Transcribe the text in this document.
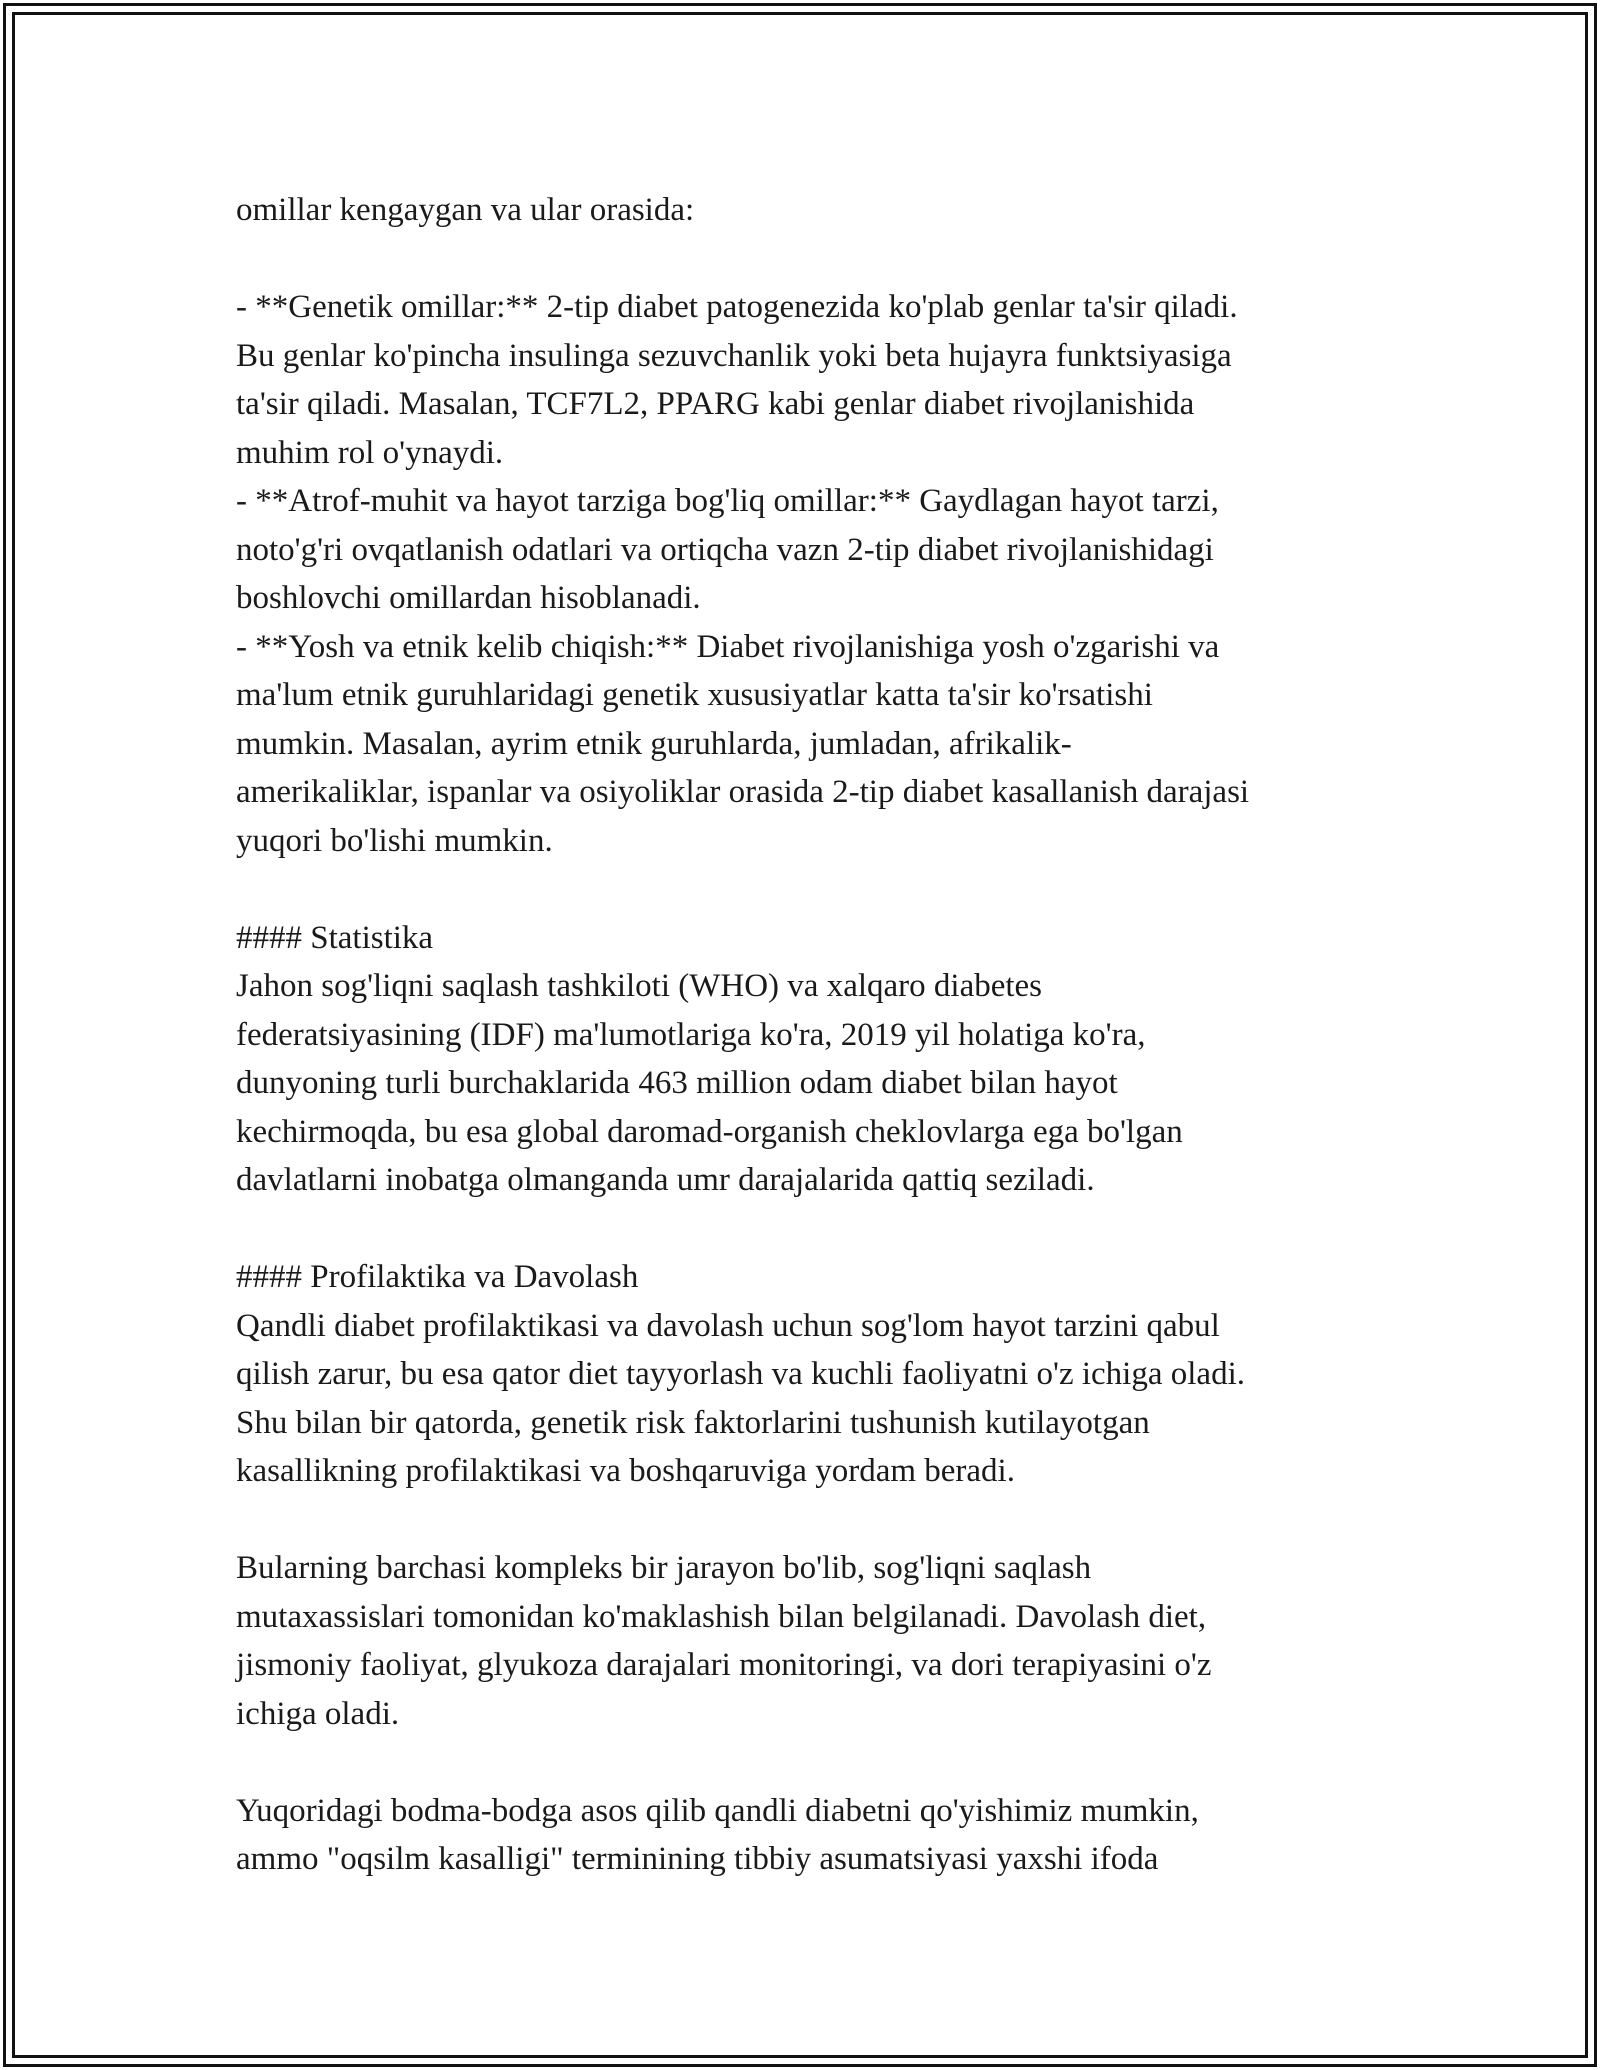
omillar kengaygan va ular orasida:
- **Genetik omillar:** 2-tip diabet patogenezida ko'plab genlar ta'sir qiladi.
Bu genlar ko'pincha insulinga sezuvchanlik yoki beta hujayra funktsiyasiga
ta'sir qiladi. Masalan, TCF7L2, PPARG kabi genlar diabet rivojlanishida
muhim rol o'ynaydi.
- **Atrof-muhit va hayot tarziga bog'liq omillar:** Gaydlagan hayot tarzi,
noto'g'ri ovqatlanish odatlari va ortiqcha vazn 2-tip diabet rivojlanishidagi
boshlovchi omillardan hisoblanadi.
- **Yosh va etnik kelib chiqish:** Diabet rivojlanishiga yosh o'zgarishi va
ma'lum etnik guruhlaridagi genetik xususiyatlar katta ta'sir ko'rsatishi
mumkin. Masalan, ayrim etnik guruhlarda, jumladan, afrikalik-
amerikaliklar, ispanlar va osiyoliklar orasida 2-tip diabet kasallanish darajasi
yuqori bo'lishi mumkin.
#### Statistika
Jahon sog'liqni saqlash tashkiloti (WHO) va xalqaro diabetes
federatsiyasining (IDF) ma'lumotlariga ko'ra, 2019 yil holatiga ko'ra,
dunyoning turli burchaklarida 463 million odam diabet bilan hayot
kechirmoqda, bu esa global daromad-organish cheklovlarga ega bo'lgan
davlatlarni inobatga olmanganda umr darajalarida qattiq seziladi.
#### Profilaktika va Davolash
Qandli diabet profilaktikasi va davolash uchun sog'lom hayot tarzini qabul
qilish zarur, bu esa qator diet tayyorlash va kuchli faoliyatni o'z ichiga oladi.
Shu bilan bir qatorda, genetik risk faktorlarini tushunish kutilayotgan
kasallikning profilaktikasi va boshqaruviga yordam beradi.
Bularning barchasi kompleks bir jarayon bo'lib, sog'liqni saqlash
mutaxassislari tomonidan ko'maklashish bilan belgilanadi. Davolash diet,
jismoniy faoliyat, glyukoza darajalari monitoringi, va dori terapiyasini o'z
ichiga oladi.
Yuqoridagi bodma-bodga asos qilib qandli diabetni qo'yishimiz mumkin,
ammo "oqsilm kasalligi" terminining tibbiy asumatsiyasi yaxshi ifoda
